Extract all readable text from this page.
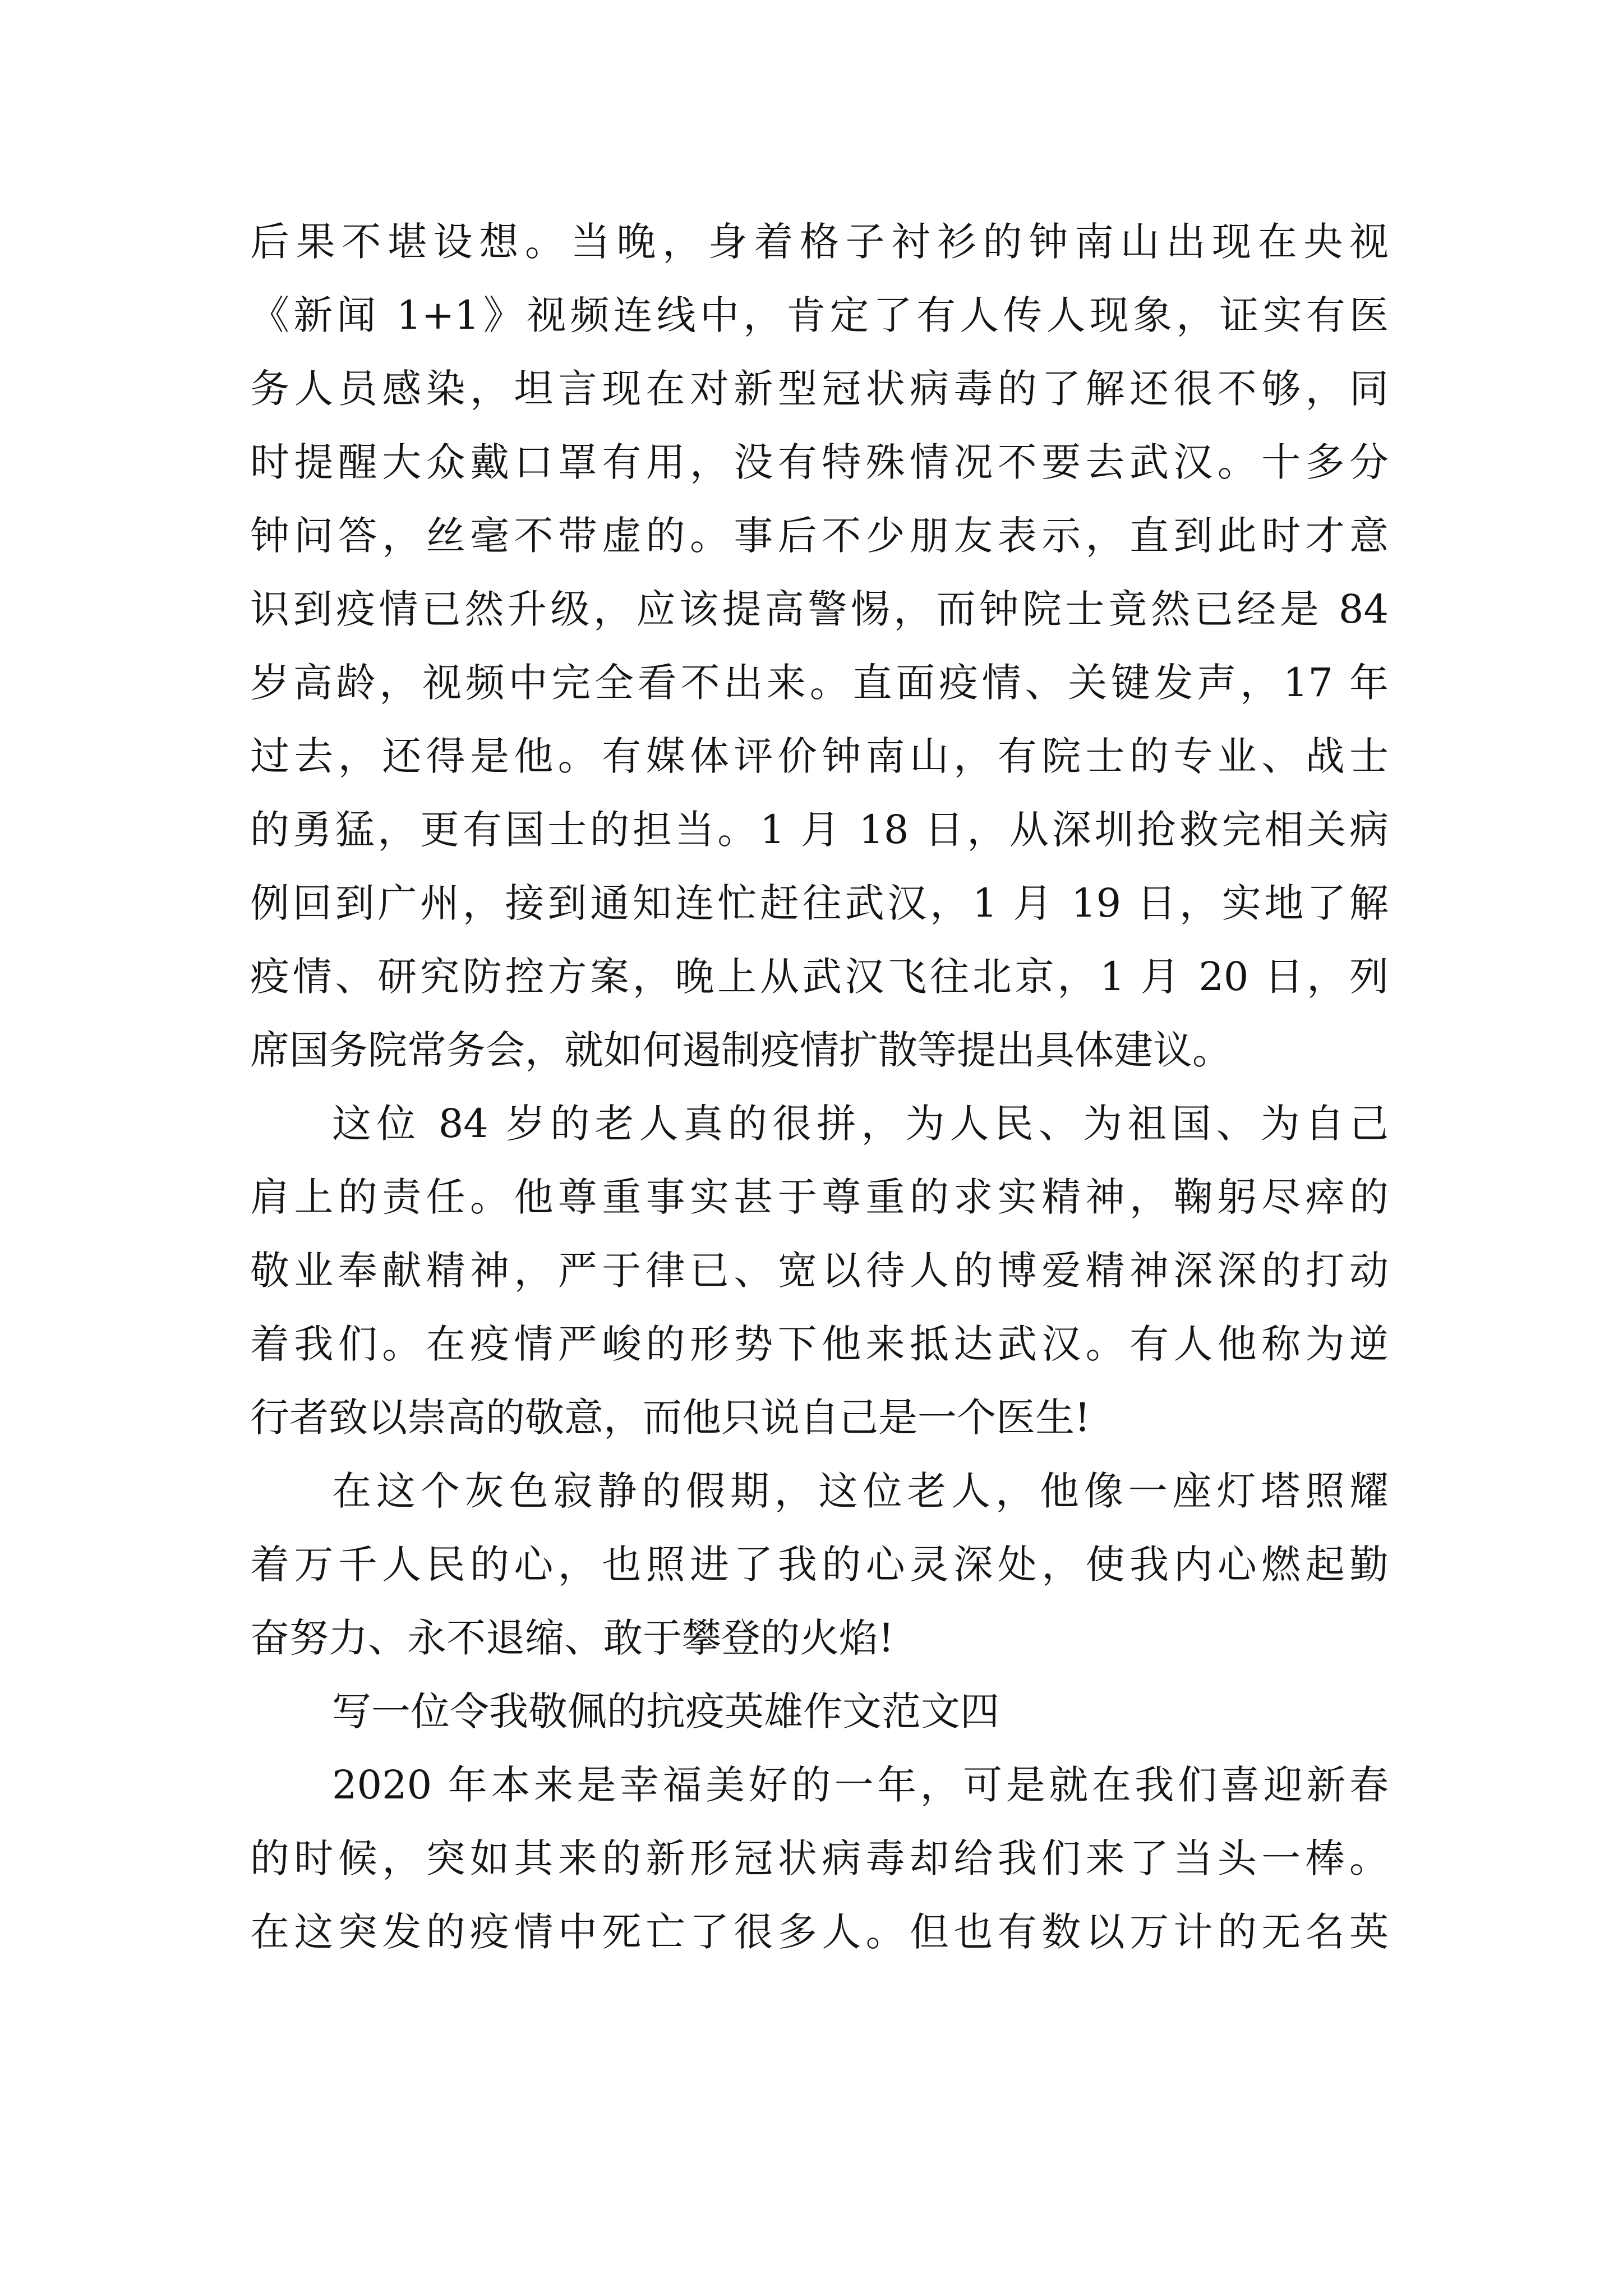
后果不堪设想。当晚，身着格子衬衫的钟南山出现在央视
《新闻 1+1》视频连线中，肯定了有人传人现象，证实有医
务人员感染，坦言现在对新型冠状病毒的了解还很不够，同
时提醒大众戴口罩有用，没有特殊情况不要去武汉。十多分
钟问答，丝毫不带虚的。事后不少朋友表示，直到此时才意
识到疫情已然升级，应该提高警惕，而钟院士竟然已经是 84
岁高龄，视频中完全看不出来。直面疫情、关键发声，17 年
过去，还得是他。有媒体评价钟南山，有院士的专业、战士
的勇猛，更有国士的担当。1 月 18 日，从深圳抢救完相关病
例回到广州，接到通知连忙赶往武汉，1 月 19 日，实地了解
疫情、研究防控方案，晚上从武汉飞往北京，1 月 20 日，列
席国务院常务会，就如何遏制疫情扩散等提出具体建议。
这位 84 岁的老人真的很拼，为人民、为祖国、为自己
肩上的责任。他尊重事实甚于尊重的求实精神，鞠躬尽瘁的
敬业奉献精神，严于律已、宽以待人的博爱精神深深的打动
着我们。在疫情严峻的形势下他来抵达武汉。有人他称为逆
行者致以崇高的敬意，而他只说自己是一个医生!
在这个灰色寂静的假期，这位老人，他像一座灯塔照耀
着万千人民的心，也照进了我的心灵深处，使我内心燃起勤
奋努力、永不退缩、敢于攀登的火焰!
写一位令我敬佩的抗疫英雄作文范文四
2020 年本来是幸福美好的一年，可是就在我们喜迎新春
的时候，突如其来的新形冠状病毒却给我们来了当头一棒。
在这突发的疫情中死亡了很多人。但也有数以万计的无名英
